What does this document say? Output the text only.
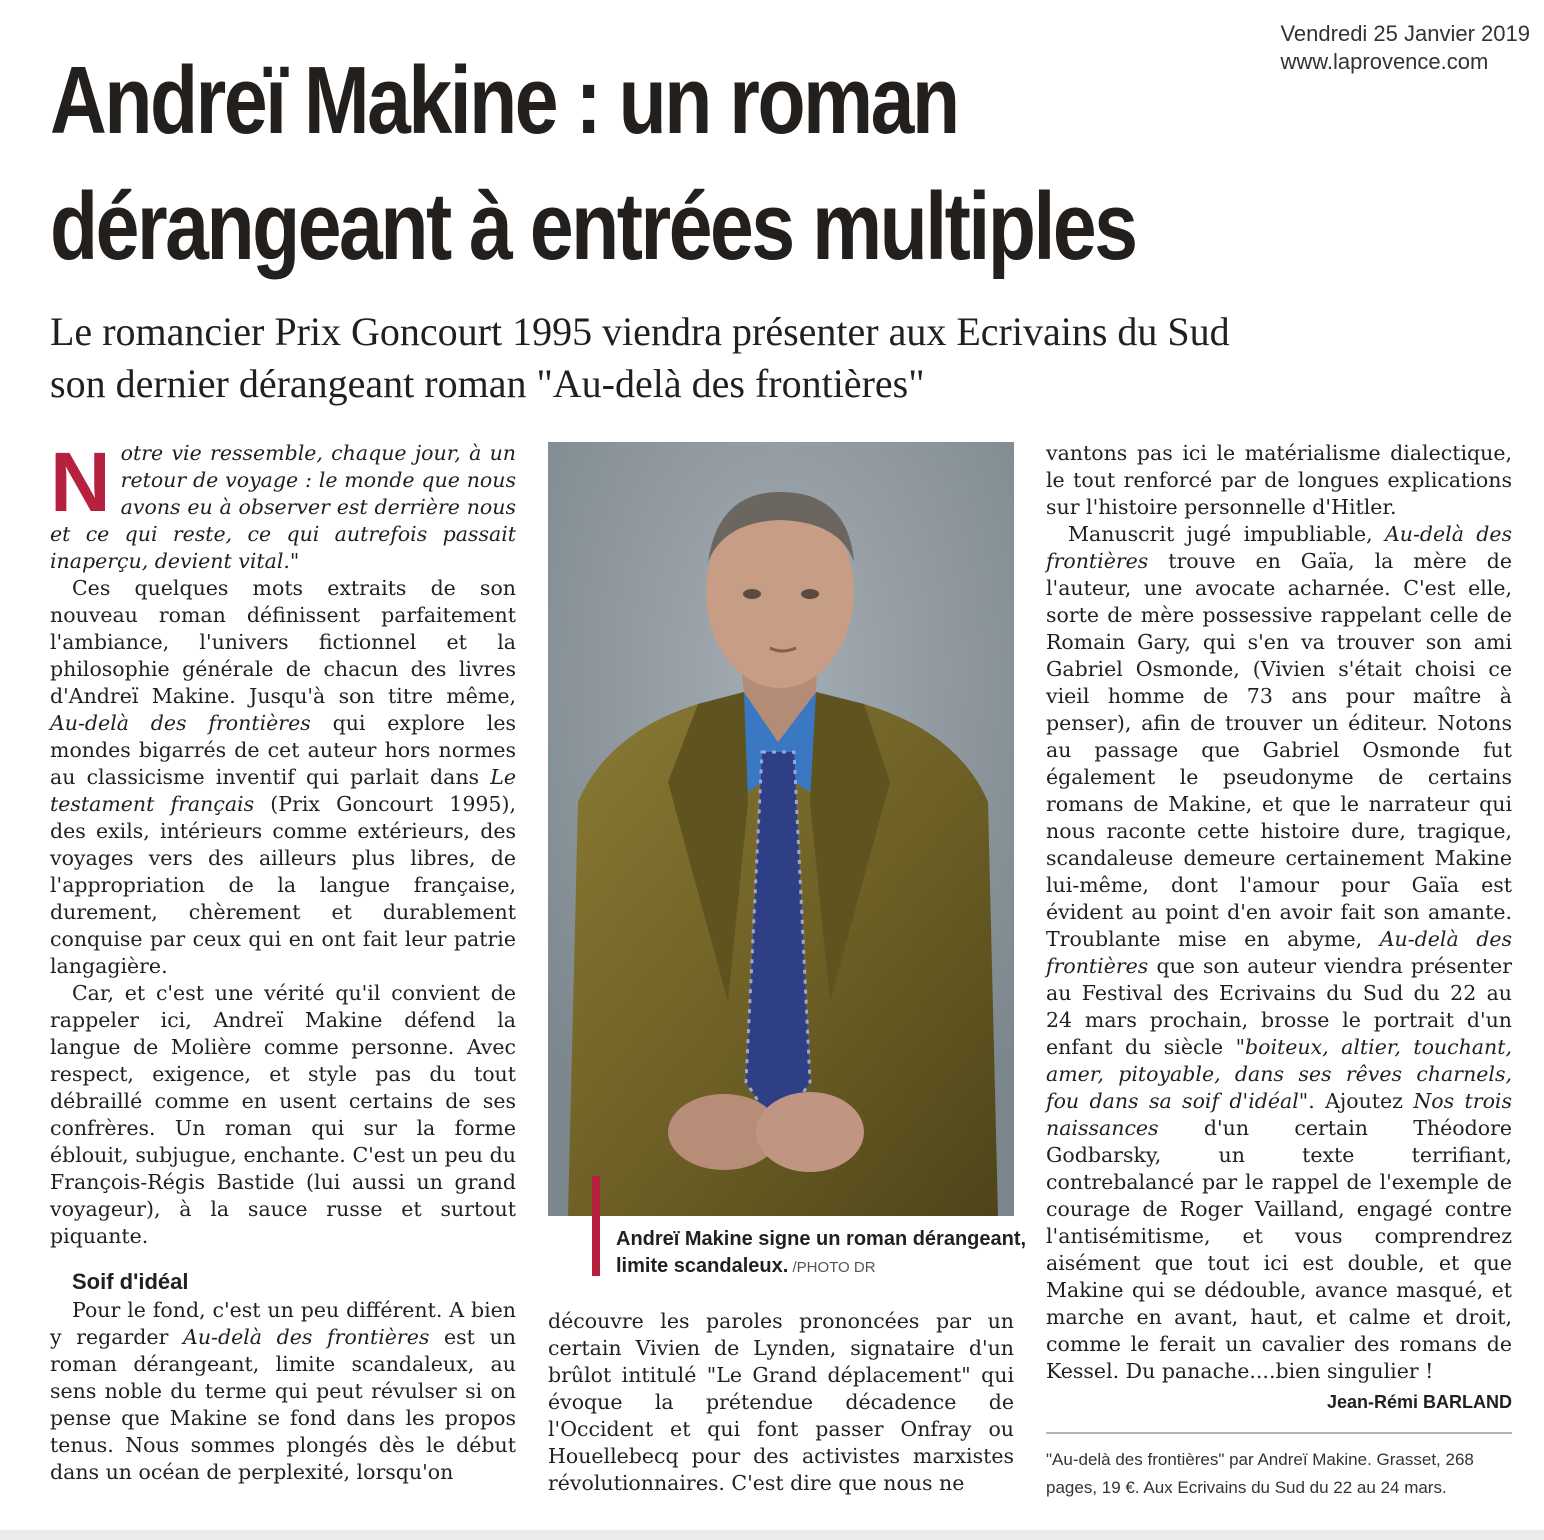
Vendredi 25 Janvier 2019
www.laprovence.com
Andreï Makine : un roman
dérangeant à entrées multiples
Le romancier Prix Goncourt 1995 viendra présenter aux Ecrivains du Sud
son dernier dérangeant roman "Au-delà des frontières"

Notre vie ressemble, chaque jour, à un retour de voyage : le monde que nous avons eu à observer est derrière nous et ce qui reste, ce qui autrefois passait inaperçu, devient vital."

Ces quelques mots extraits de son nouveau roman définissent parfaitement l'ambiance, l'univers fictionnel et la philosophie générale de chacun des livres d'Andreï Makine. Jusqu'à son titre même, Au-delà des frontières qui explore les mondes bigarrés de cet auteur hors normes au classicisme inventif qui parlait dans Le testament français (Prix Goncourt 1995), des exils, intérieurs comme extérieurs, des voyages vers des ailleurs plus libres, de l'appropriation de la langue française, durement, chèrement et durablement conquise par ceux qui en ont fait leur patrie langagière.

Car, et c'est une vérité qu'il convient de rappeler ici, Andreï Makine défend la langue de Molière comme personne. Avec respect, exigence, et style pas du tout débraillé comme en usent certains de ses confrères. Un roman qui sur la forme éblouit, subjugue, enchante. C'est un peu du François-Régis Bastide (lui aussi un grand voyageur), à la sauce russe et surtout piquante.

Soif d'idéal

Pour le fond, c'est un peu différent. A bien y regarder Au-delà des frontières est un roman dérangeant, limite scandaleux, au sens noble du terme qui peut révulser si on pense que Makine se fond dans les propos tenus. Nous sommes plongés dès le début dans un océan de perplexité, lorsqu'on

Andreï Makine signe un roman dérangeant, limite scandaleux. /PHOTO DR

découvre les paroles prononcées par un certain Vivien de Lynden, signataire d'un brûlot intitulé "Le Grand déplacement" qui évoque la prétendue décadence de l'Occident et qui font passer Onfray ou Houellebecq pour des activistes marxistes révolutionnaires. C'est dire que nous ne

vantons pas ici le matérialisme dialectique, le tout renforcé par de longues explications sur l'histoire personnelle d'Hitler.

Manuscrit jugé impubliable, Au-delà des frontières trouve en Gaïa, la mère de l'auteur, une avocate acharnée. C'est elle, sorte de mère possessive rappelant celle de Romain Gary, qui s'en va trouver son ami Gabriel Osmonde, (Vivien s'était choisi ce vieil homme de 73 ans pour maître à penser), afin de trouver un éditeur. Notons au passage que Gabriel Osmonde fut également le pseudonyme de certains romans de Makine, et que le narrateur qui nous raconte cette histoire dure, tragique, scandaleuse demeure certainement Makine lui-même, dont l'amour pour Gaïa est évident au point d'en avoir fait son amante. Troublante mise en abyme, Au-delà des frontières que son auteur viendra présenter au Festival des Ecrivains du Sud du 22 au 24 mars prochain, brosse le portrait d'un enfant du siècle "boiteux, altier, touchant, amer, pitoyable, dans ses rêves charnels, fou dans sa soif d'idéal". Ajoutez Nos trois naissances d'un certain Théodore Godbarsky, un texte terrifiant, contrebalancé par le rappel de l'exemple de courage de Roger Vailland, engagé contre l'antisémitisme, et vous comprendrez aisément que tout ici est double, et que Makine qui se dédouble, avance masqué, et marche en avant, haut, et calme et droit, comme le ferait un cavalier des romans de Kessel. Du panache....bien singulier !

Jean-Rémi BARLAND
"Au-delà des frontières" par Andreï Makine. Grasset, 268 pages, 19 €. Aux Ecrivains du Sud du 22 au 24 mars.
